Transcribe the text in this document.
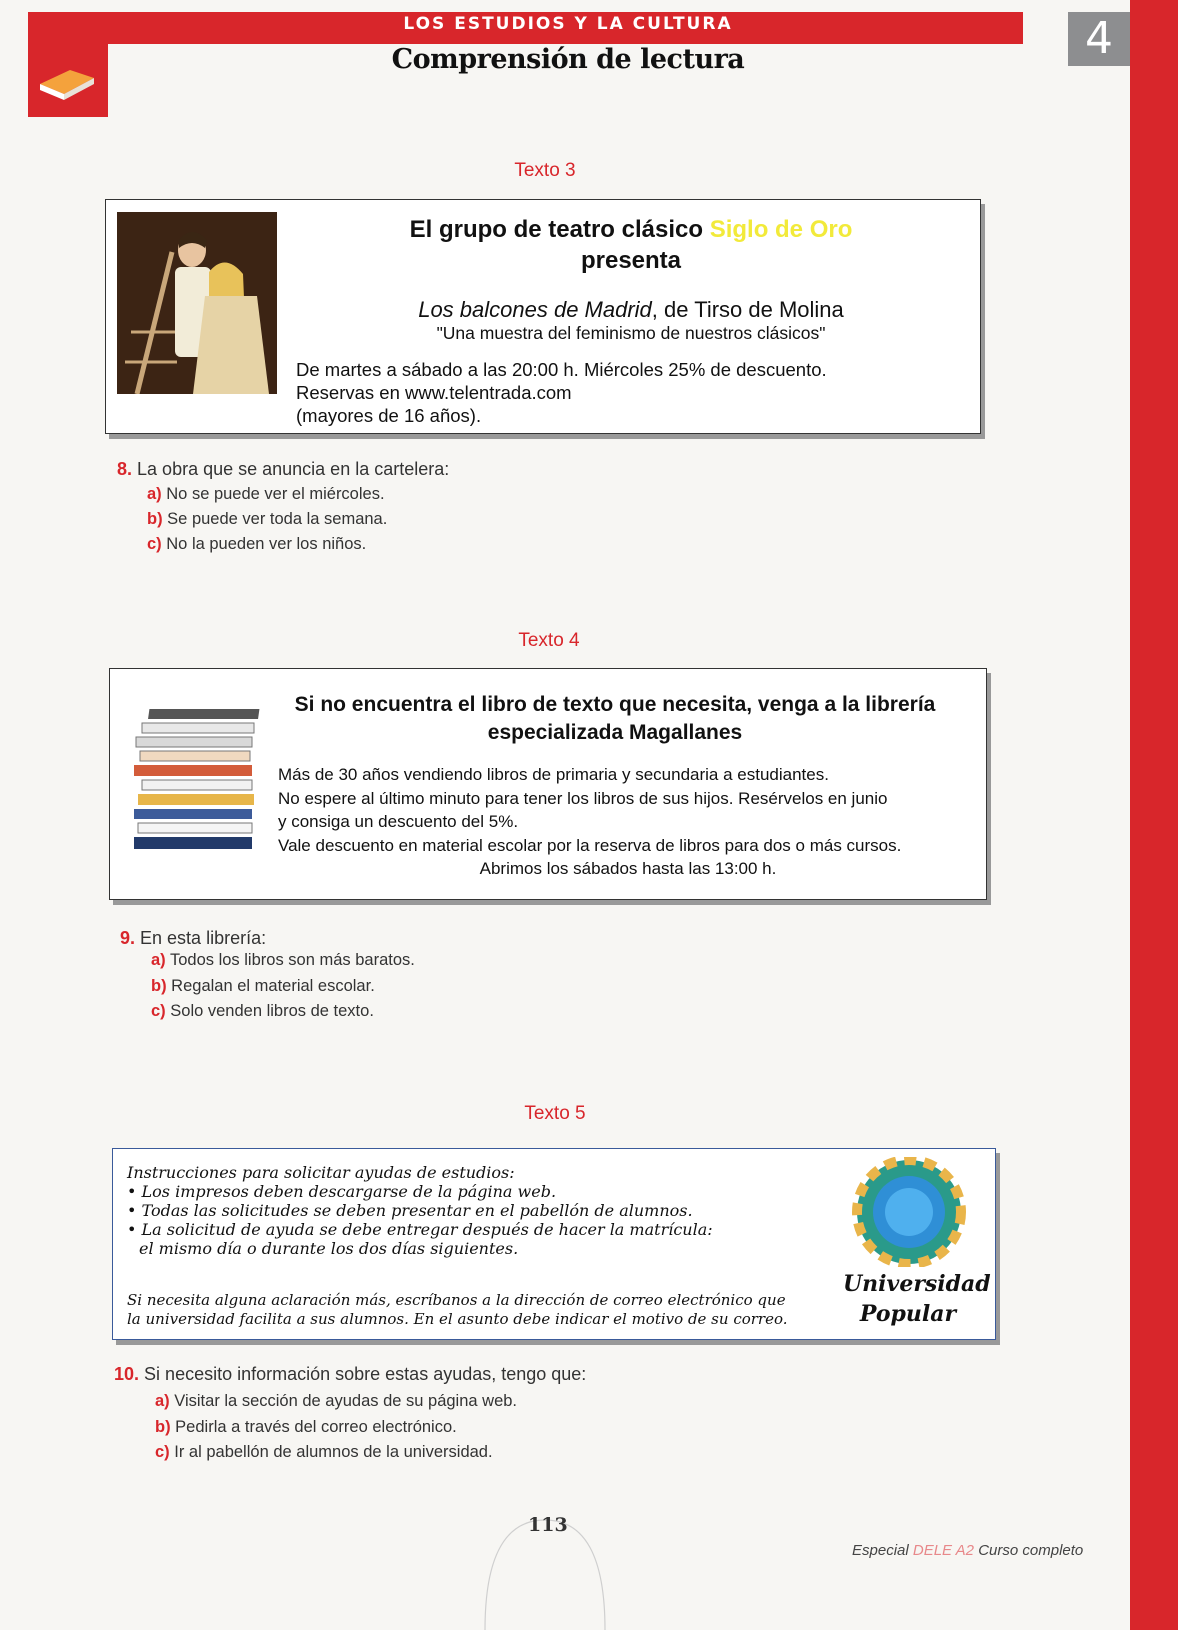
LOS ESTUDIOS Y LA CULTURA
Comprensión de lectura	4
Texto 3
El grupo de teatro clásico Siglo de Oro
presenta
Los balcones de Madrid, de Tirso de Molina
"Una muestra del feminismo de nuestros clásicos"
De martes a sábado a las 20:00 h. Miércoles 25% de descuento.
Reservas en www.telentrada.com
(mayores de 16 años).
8. La obra que se anuncia en la cartelera:
a) No se puede ver el miércoles.
b) Se puede ver toda la semana.
c) No la pueden ver los niños.
Texto 4
Si no encuentra el libro de texto que necesita, venga a la librería
especializada Magallanes
Más de 30 años vendiendo libros de primaria y secundaria a estudiantes.
No espere al último minuto para tener los libros de sus hijos. Resérvelos en junio
y consiga un descuento del 5%.
Vale descuento en material escolar por la reserva de libros para dos o más cursos.
Abrimos los sábados hasta las 13:00 h.
9. En esta librería:
a) Todos los libros son más baratos.
b) Regalan el material escolar.
c) Solo venden libros de texto.
Texto 5
Instrucciones para solicitar ayudas de estudios:
• Los impresos deben descargarse de la página web.
• Todas las solicitudes se deben presentar en el pabellón de alumnos.
• La solicitud de ayuda se debe entregar después de hacer la matrícula:
el mismo día o durante los dos días siguientes.
Si necesita alguna aclaración más, escríbanos a la dirección de correo electrónico que
la universidad facilita a sus alumnos. En el asunto debe indicar el motivo de su correo.
Universidad
Popular
10. Si necesito información sobre estas ayudas, tengo que:
a) Visitar la sección de ayudas de su página web.
b) Pedirla a través del correo electrónico.
c) Ir al pabellón de alumnos de la universidad.
113
Especial DELE A2 Curso completo
